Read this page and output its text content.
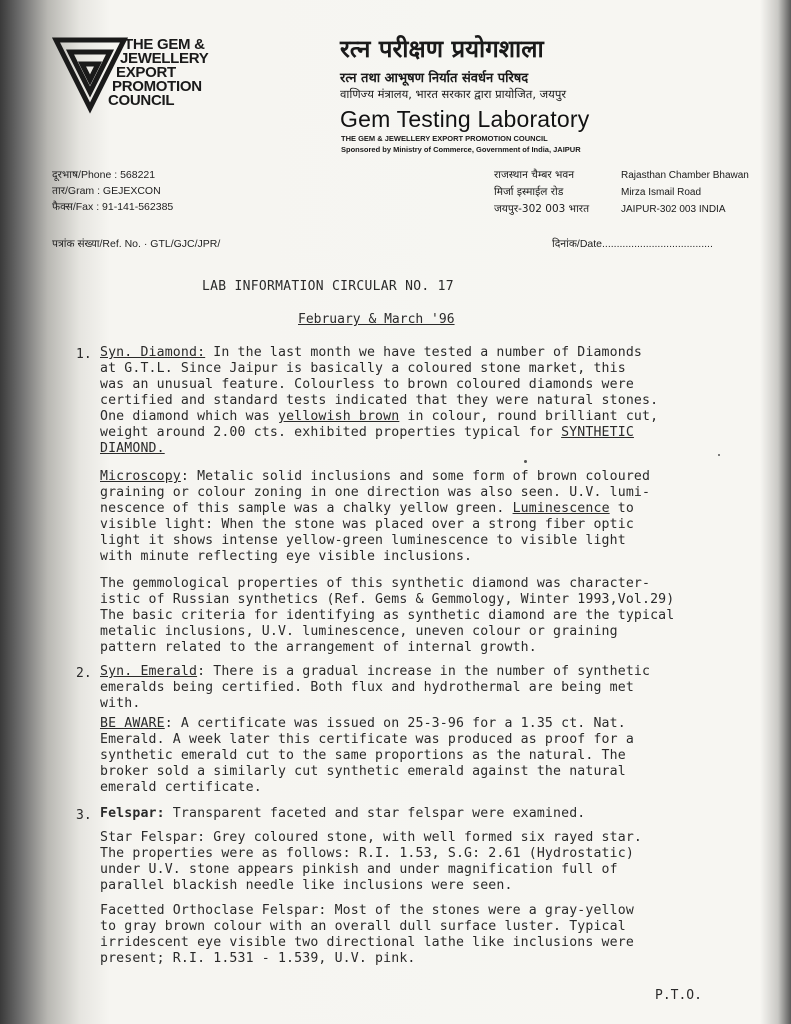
THE GEM &
JEWELLERY
EXPORT
PROMOTION
COUNCIL
रत्न परीक्षण प्रयोगशाला
रत्न तथा आभूषण निर्यात संवर्धन परिषद
वाणिज्य मंत्रालय, भारत सरकार द्वारा प्रायोजित, जयपुर
Gem Testing Laboratory
THE GEM & JEWELLERY EXPORT PROMOTION COUNCIL
Sponsored by Ministry of Commerce, Government of India, JAIPUR
दूरभाष/Phone : 568221
तार/Gram : GEJEXCON
फैक्स/Fax : 91-141-562385
राजस्थान चैम्बर भवन
मिर्जा इस्माईल रोड
जयपुर-302 003 भारत
Rajasthan Chamber Bhawan
Mirza Ismail Road
JAIPUR-302 003 INDIA
पत्रांक संख्या/Ref. No. · GTL/GJC/JPR/	दिनांक/Date......................................
LAB INFORMATION CIRCULAR NO. 17
February & March '96
1. Syn. Diamond: In the last month we have tested a number of Diamonds
at G.T.L. Since Jaipur is basically a coloured stone market, this
was an unusual feature. Colourless to brown coloured diamonds were
certified and standard tests indicated that they were natural stones.
One diamond which was yellowish brown in colour, round brilliant cut,
weight around 2.00 cts. exhibited properties typical for SYNTHETIC
DIAMOND.
Microscopy: Metalic solid inclusions and some form of brown coloured
graining or colour zoning in one direction was also seen. U.V. lumi-
nescence of this sample was a chalky yellow green. Luminescence to
visible light: When the stone was placed over a strong fiber optic
light it shows intense yellow-green luminescence to visible light
with minute reflecting eye visible inclusions.
The gemmological properties of this synthetic diamond was character-
istic of Russian synthetics (Ref. Gems & Gemmology, Winter 1993,Vol.29)
The basic criteria for identifying as synthetic diamond are the typical
metalic inclusions, U.V. luminescence, uneven colour or graining
pattern related to the arrangement of internal growth.
2. Syn. Emerald: There is a gradual increase in the number of synthetic
emeralds being certified. Both flux and hydrothermal are being met
with.
BE AWARE: A certificate was issued on 25-3-96 for a 1.35 ct. Nat.
Emerald. A week later this certificate was produced as proof for a
synthetic emerald cut to the same proportions as the natural. The
broker sold a similarly cut synthetic emerald against the natural
emerald certificate.
3. Felspar: Transparent faceted and star felspar were examined.
Star Felspar: Grey coloured stone, with well formed six rayed star.
The properties were as follows: R.I. 1.53, S.G: 2.61 (Hydrostatic)
under U.V. stone appears pinkish and under magnification full of
parallel blackish needle like inclusions were seen.
Facetted Orthoclase Felspar: Most of the stones were a gray-yellow
to gray brown colour with an overall dull surface luster. Typical
irridescent eye visible two directional lathe like inclusions were
present; R.I. 1.531 - 1.539, U.V. pink.
P.T.O.
